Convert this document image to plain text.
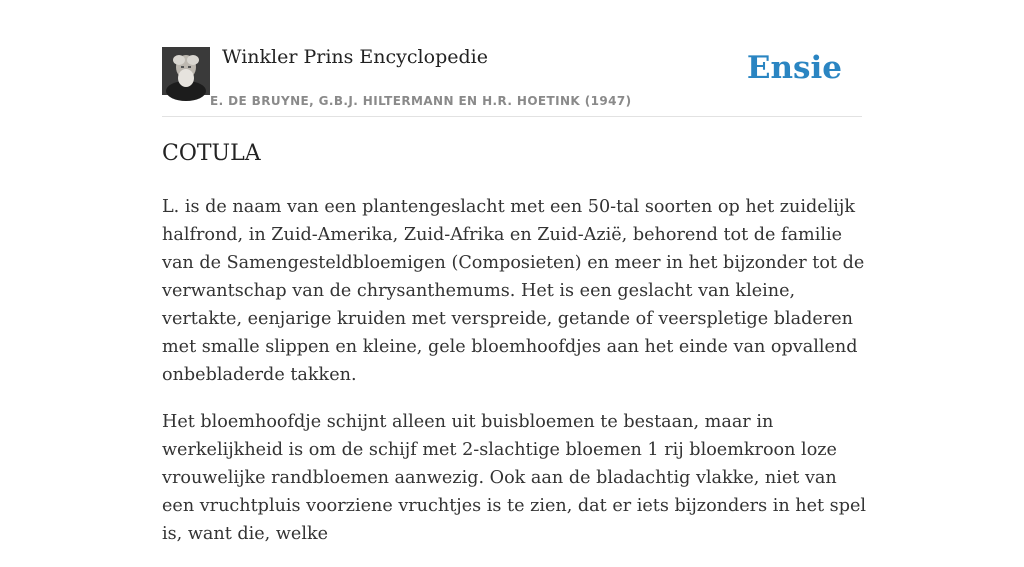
Winkler Prins Encyclopedie
E. DE BRUYNE, G.B.J. HILTERMANN EN H.R. HOETINK (1947)
Ensie
COTULA

L. is de naam van een plantengeslacht met een 50-tal soorten op het zuidelijk halfrond, in Zuid-Amerika, Zuid-Afrika en Zuid-Azië, behorend tot de familie van de Samengesteldbloemigen (Composieten) en meer in het bijzonder tot de verwantschap van de chrysanthemums. Het is een geslacht van kleine, vertakte, eenjarige kruiden met verspreide, getande of veerspletige bladeren met smalle slippen en kleine, gele bloemhoofdjes aan het einde van opvallend onbebladerde takken.

Het bloemhoofdje schijnt alleen uit buisbloemen te bestaan, maar in werkelijkheid is om de schijf met 2-slachtige bloemen 1 rij bloemkroon loze vrouwelijke randbloemen aanwezig. Ook aan de bladachtig vlakke, niet van een vruchtpluis voorziene vruchtjes is te zien, dat er iets bijzonders in het spel is, want die, welke
